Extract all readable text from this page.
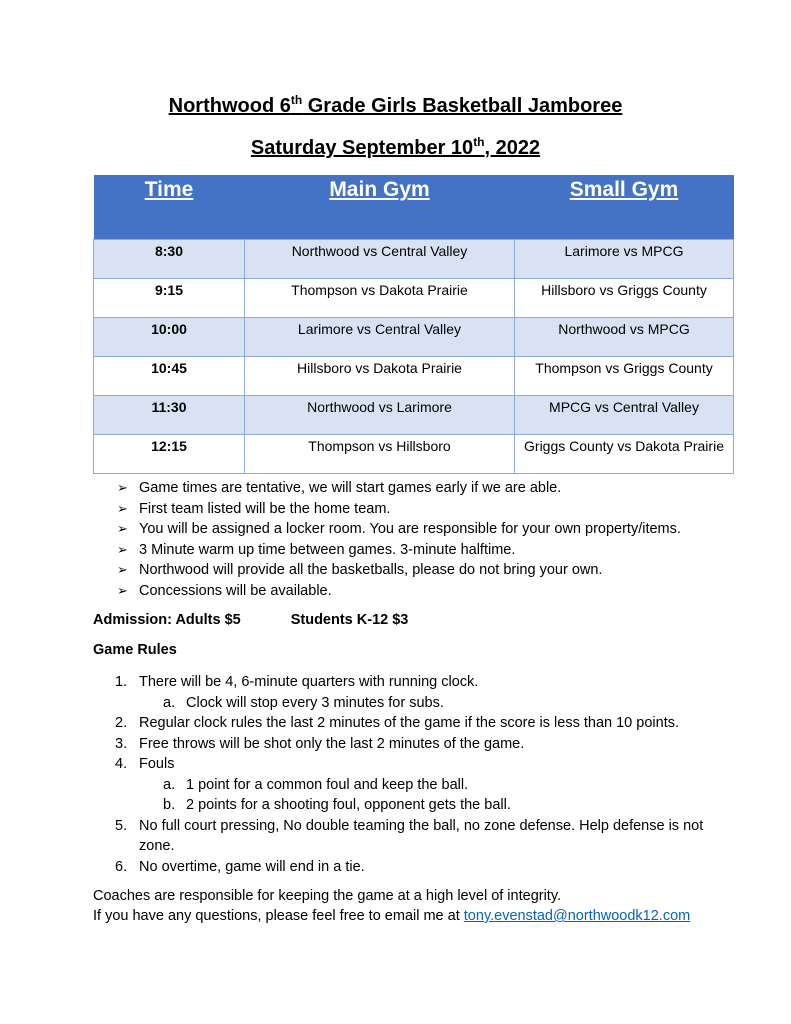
Northwood 6th Grade Girls Basketball Jamboree
Saturday September 10th, 2022
Time	Main Gym	Small Gym
8:30	Northwood vs Central Valley	Larimore vs MPCG
9:15	Thompson vs Dakota Prairie	Hillsboro vs Griggs County
10:00	Larimore vs Central Valley	Northwood vs MPCG
10:45	Hillsboro vs Dakota Prairie	Thompson vs Griggs County
11:30	Northwood vs Larimore	MPCG vs Central Valley
12:15	Thompson vs Hillsboro	Griggs County vs Dakota Prairie
➢ Game times are tentative, we will start games early if we are able.
➢ First team listed will be the home team.
➢ You will be assigned a locker room. You are responsible for your own property/items.
➢ 3 Minute warm up time between games. 3-minute halftime.
➢ Northwood will provide all the basketballs, please do not bring your own.
➢ Concessions will be available.
Admission: Adults $5	Students K-12 $3
Game Rules
1. There will be 4, 6-minute quarters with running clock.
a. Clock will stop every 3 minutes for subs.
2. Regular clock rules the last 2 minutes of the game if the score is less than 10 points.
3. Free throws will be shot only the last 2 minutes of the game.
4. Fouls
a. 1 point for a common foul and keep the ball.
b. 2 points for a shooting foul, opponent gets the ball.
5. No full court pressing, No double teaming the ball, no zone defense. Help defense is not zone.
6. No overtime, game will end in a tie.
Coaches are responsible for keeping the game at a high level of integrity.
If you have any questions, please feel free to email me at tony.evenstad@northwoodk12.com
